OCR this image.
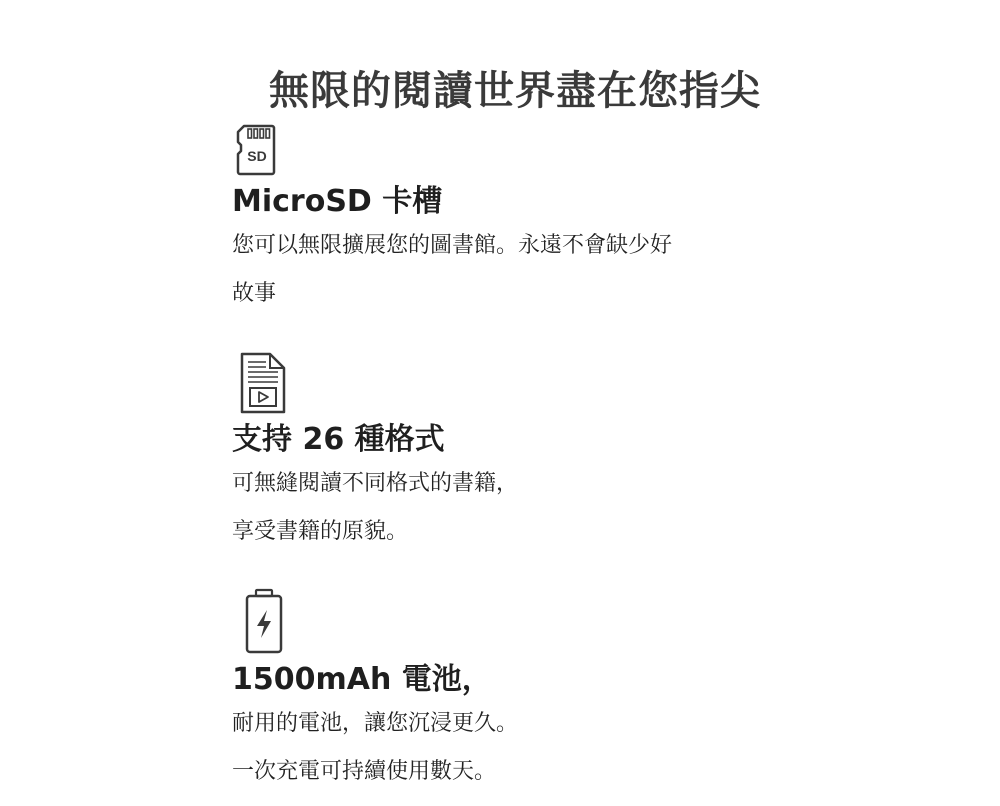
無限的閱讀世界盡在您指尖
SD
MicroSD 卡槽

您可以無限擴展您的圖書館。永遠不會缺少好

故事

支持 26 種格式

可無縫閱讀不同格式的書籍，

享受書籍的原貌。

1500mAh 電池，

耐用的電池，讓您沉浸更久。

一次充電可持續使用數天。
